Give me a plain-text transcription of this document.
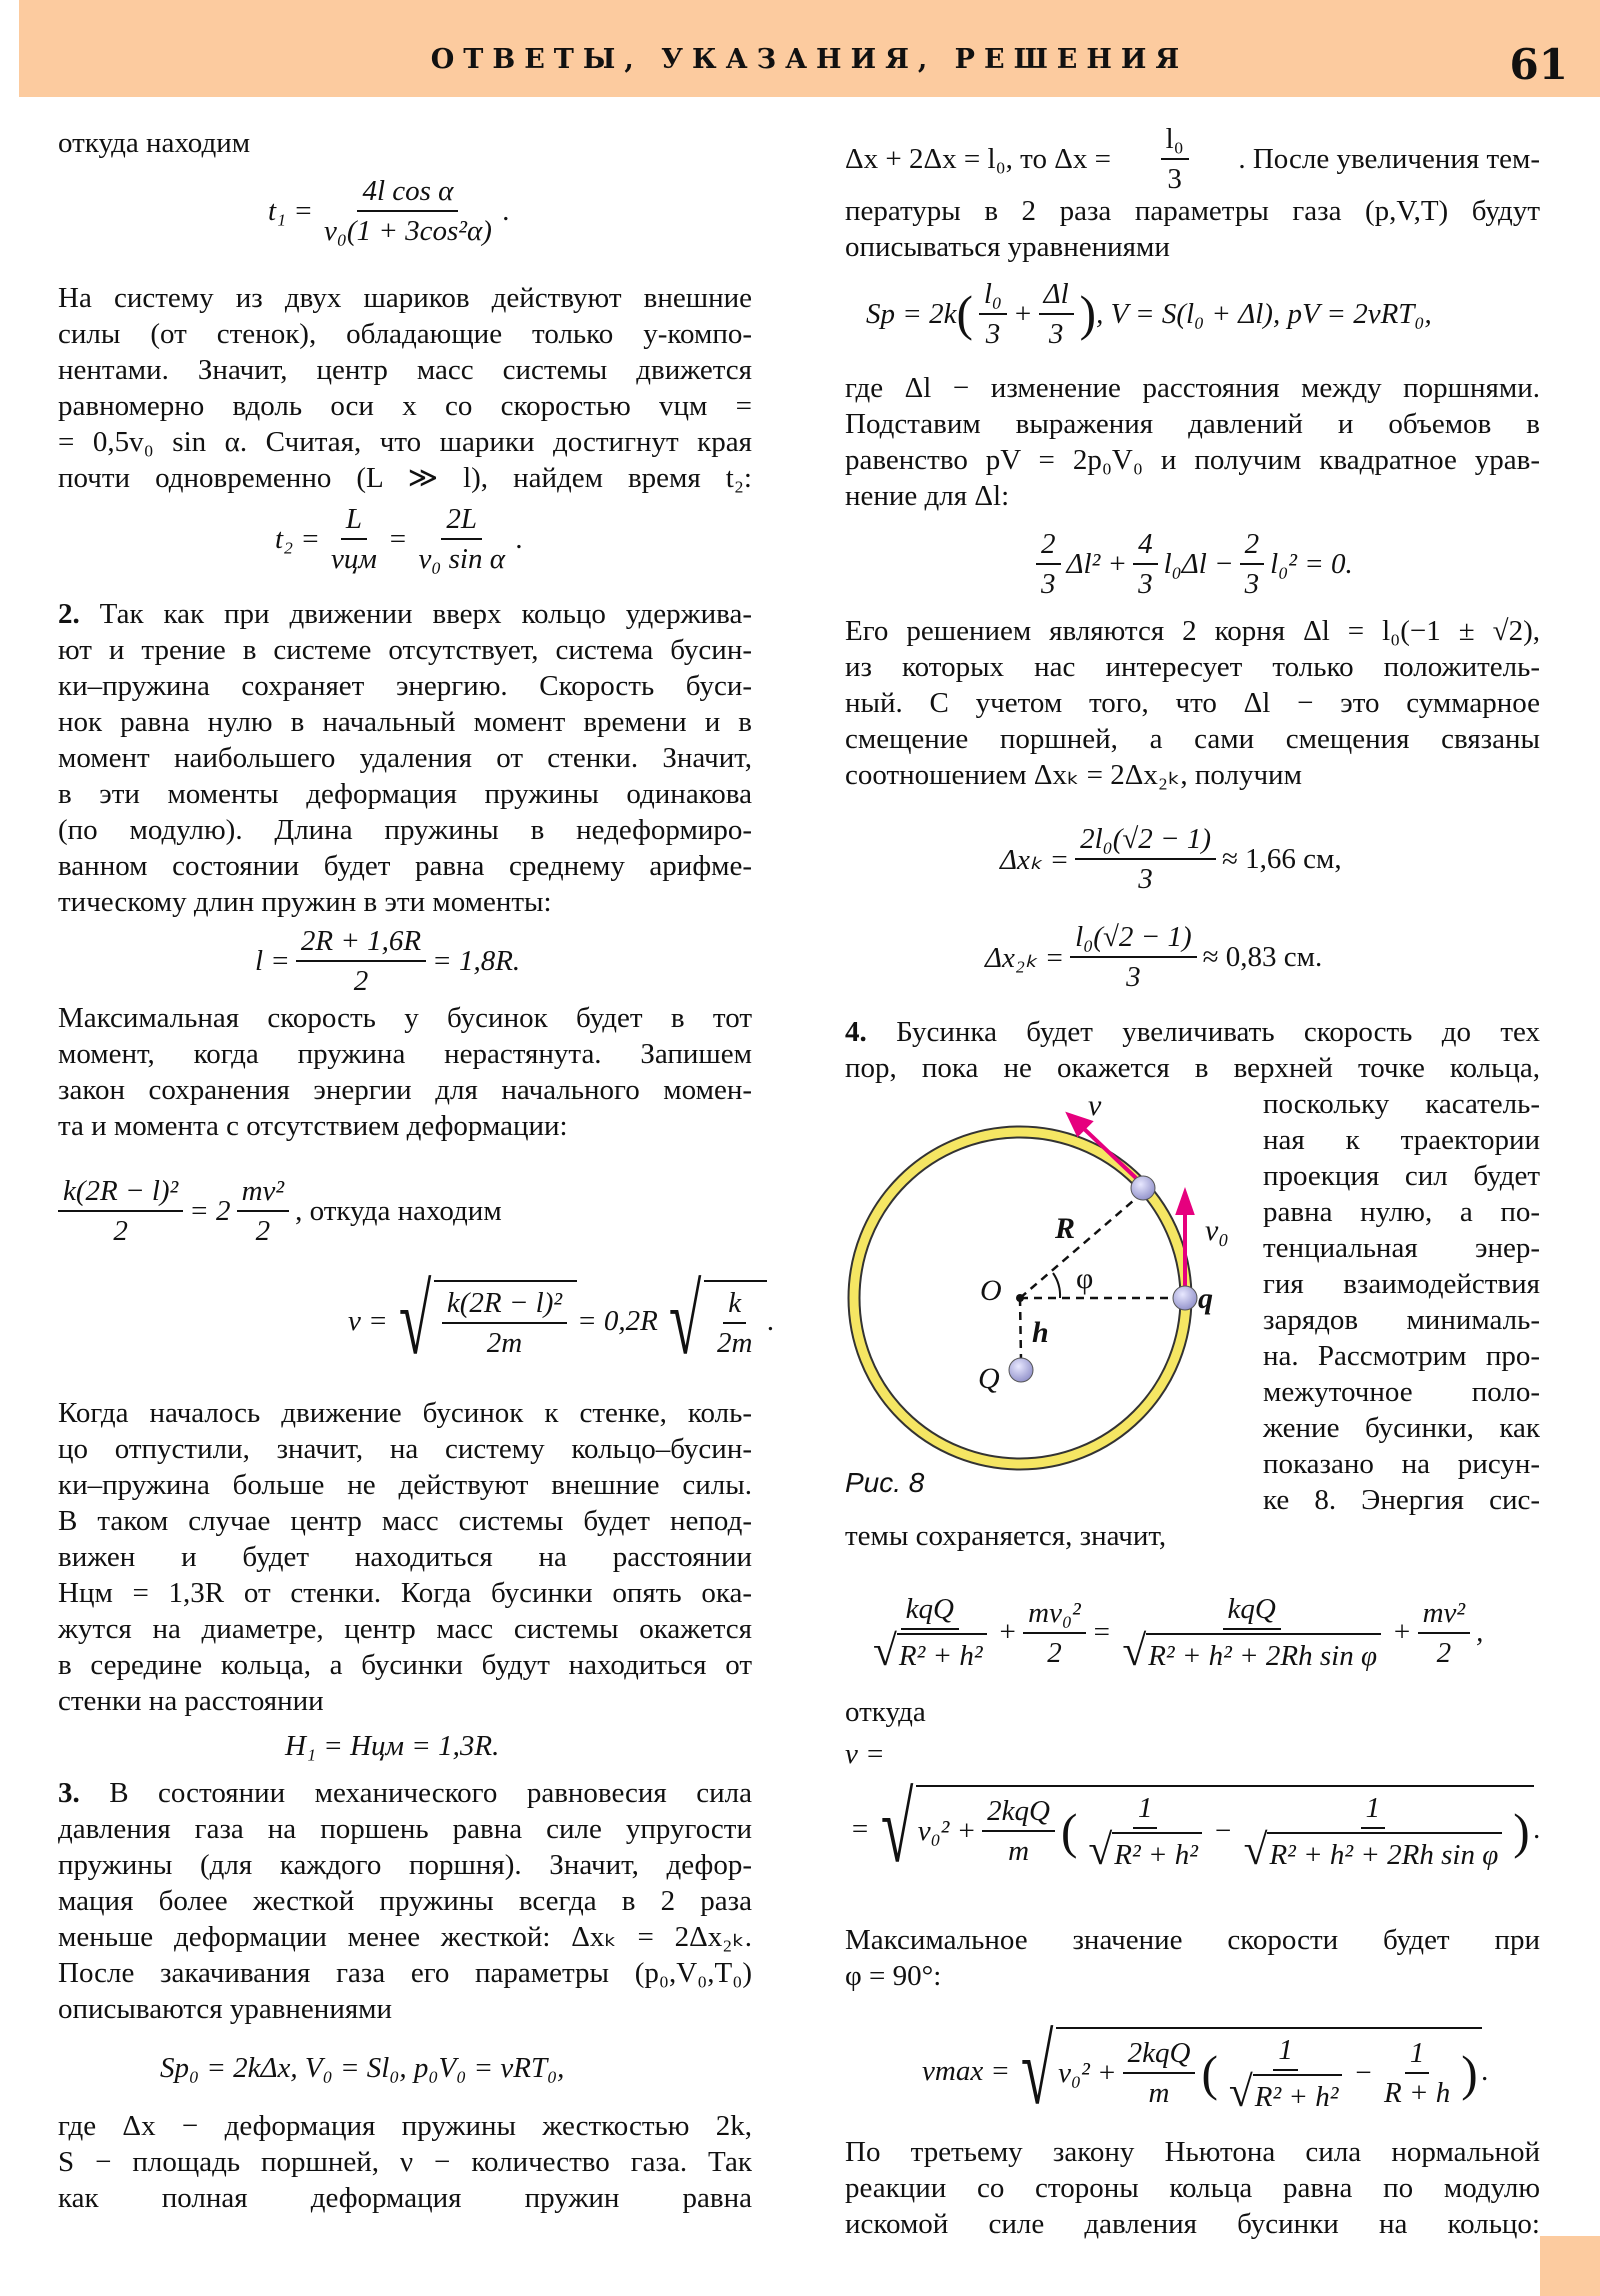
ОТВЕТЫ, УКАЗАНИЯ, РЕШЕНИЯ	61
откуда находим
$t_1 = \frac{\text{4l cos α}}{\text{v₀(1 + 3cos²α)}}$ .
На систему из двух шариков действуют внешние
силы (от стенок), обладающие только y-компо-
нентами. Значит, центр масс системы движется
равномерно вдоль оси x со скоростью vцм =
= 0,5v₀ sin α. Считая, что шарики достигнут края
почти одновременно (L ≫ l), найдем время t₂:
$t_2 = \frac{L}{\text{vцм}} = \frac{2L}{\text{v₀ sin α}}$ .
2. Так как при движении вверх кольцо удержива-
ют и трение в системе отсутствует, система бусин-
ки–пружина сохраняет энергию. Скорость буси-
нок равна нулю в начальный момент времени и в
момент наибольшего удаления от стенки. Значит,
в эти моменты деформация пружины одинакова
(по модулю). Длина пружины в недеформиро-
ванном состоянии будет равна среднему арифме-
тическому длин пружин в эти моменты:
$l = \frac{2R + 1,6R}{2} = 1,8R$.
Максимальная скорость у бусинок будет в тот
момент, когда пружина нерастянута. Запишем
закон сохранения энергии для начального момен-
та и момента с отсутствием деформации:
$\frac{\text{k(2R − l)²}}{2} = 2 \frac{\text{mv²}}{2}$ , откуда находим
v = √ $\frac{\text{k(2R − l)²}}{2m} = 0,2R$ √ $\frac{k}{2m}$ .
Когда началось движение бусинок к стенке, коль-
цо отпустили, значит, на систему кольцо–бусин-
ки–пружина больше не действуют внешние силы.
В таком случае центр масс системы будет непод-
вижен и будет находиться на расстоянии
Hцм = 1,3R от стенки. Когда бусинки опять ока-
жутся на диаметре, центр масс системы окажется
в середине кольца, а бусинки будут находиться от
стенки на расстоянии
H₁ = Hцм = 1,3R.
3. В состоянии механического равновесия сила
давления газа на поршень равна силе упругости
пружины (для каждого поршня). Значит, дефор-
мация более жесткой пружины всегда в 2 раза
меньше деформации менее жесткой: Δxₖ = 2Δx₂ₖ.
После закачивания газа его параметры (p₀,V₀,T₀)
описываются уравнениями
Sp₀ = 2kΔx, V₀ = Sl₀, p₀V₀ = νRT₀,
где Δx − деформация пружины жесткостью 2k,
S − площадь поршней, ν − количество газа. Так
как полная деформация пружин равна
Δx + 2Δx = l₀, то $\Delta x = \frac{\text{l₀}}{3}$ . После увеличения тем-
пературы в 2 раза параметры газа (p,V,T) будут
описываться уравнениями
Sp = 2k ( $\frac{\text{l₀}}{3} + \frac{\Delta l}{3}$ ) , V = S(l₀ + Δl), pV = 2νRT₀,
где Δl − изменение расстояния между поршнями.
Подставим выражения давлений и объемов в
равенство pV = 2p₀V₀ и получим квадратное урав-
нение для Δl:
$\frac{2}{3} \Delta l^2 + \frac{4}{3} l_0\Delta l - \frac{2}{3} l_0^2 = 0$.
Его решением являются 2 корня Δl = l₀(−1 ± √2),
из которых нас интересует только положитель-
ный. С учетом того, что Δl − это суммарное
смещение поршней, а сами смещения связаны
соотношением Δxₖ = 2Δx₂ₖ, получим
$\Delta x_k = \frac{\text{2l₀(√2 − 1)}}{3} \approx 1,66$ см,
$\Delta x_{2k} = \frac{\text{l₀(√2 − 1)}}{3} \approx 0,83$ см.
4. Бусинка будет увеличивать скорость до тех
пор, пока не окажется в верхней точке кольца,
v
v₀
R
φ
O	q
h
Q
Рис. 8
поскольку касатель-
ная к траектории
проекция сил будет
равна нулю, а по-
тенциальная энер-
гия взаимодействия
зарядов минималь-
на. Рассмотрим про-
межуточное поло-
жение бусинки, как
показано на рисун-
ке 8. Энергия сис-
темы сохраняется, значит,
$\frac{\text{kqQ}}{\text{√R² + h²}} + \frac{\text{mv₀²}}{2} = \frac{\text{kqQ}}{\text{√R² + h² + 2Rh sin φ}} + \frac{\text{mv²}}{2}$ ,
откуда
v =
= √ $v_0^2 + \frac{\text{2kqQ}}{m}$ ( $\frac{1}{\text{√R² + h²}} - \frac{1}{\text{√R² + h² + 2Rh sin φ}}$ ) .
Максимальное значение скорости будет при
φ = 90°:
vmax = √ $v_0^2 + \frac{\text{2kqQ}}{m}$ ( $\frac{1}{\text{√R² + h²}} - \frac{1}{R + h}$ ) .
По третьему закону Ньютона сила нормальной
реакции со стороны кольца равна по модулю
искомой силе давления бусинки на кольцо:
